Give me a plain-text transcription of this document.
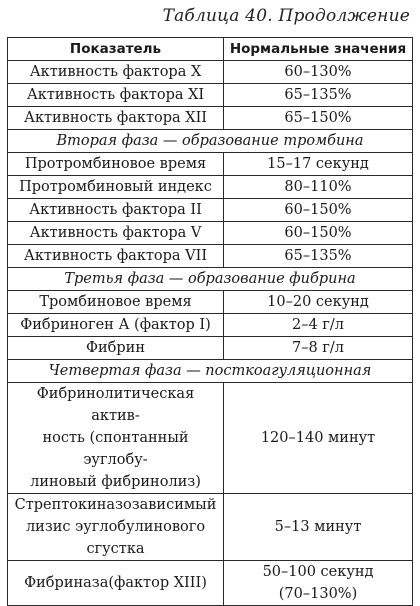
Таблица 40. Продолжение
Показатель	Нормальные значения
Активность фактора X	60–130%
Активность фактора XI	65–135%
Активность фактора XII	65–150%
Вторая фаза — образование тромбина	
Протромбиновое время	15–17 секунд
Протромбиновый индекс	80–110%
Активность фактора II	60–150%
Активность фактора V	60–150%
Активность фактора VII	65–135%
Третья фаза — образование фибрина	
Тромбиновое время	10–20 секунд
Фибриноген А (фактор I)	2–4 г/л
Фибрин	7–8 г/л
Четвертая фаза — посткоагуляционная	

Фибринолитическая актив-
ность (спонтанный эуглобу-
линовый фибринолиз)	120–140 минут

Стрептокиназозависимый
лизис эуглобулинового
сгустка	5–13 минут
Фибриназа(фактор XIII)	50–100 секунд
(70–130%)
